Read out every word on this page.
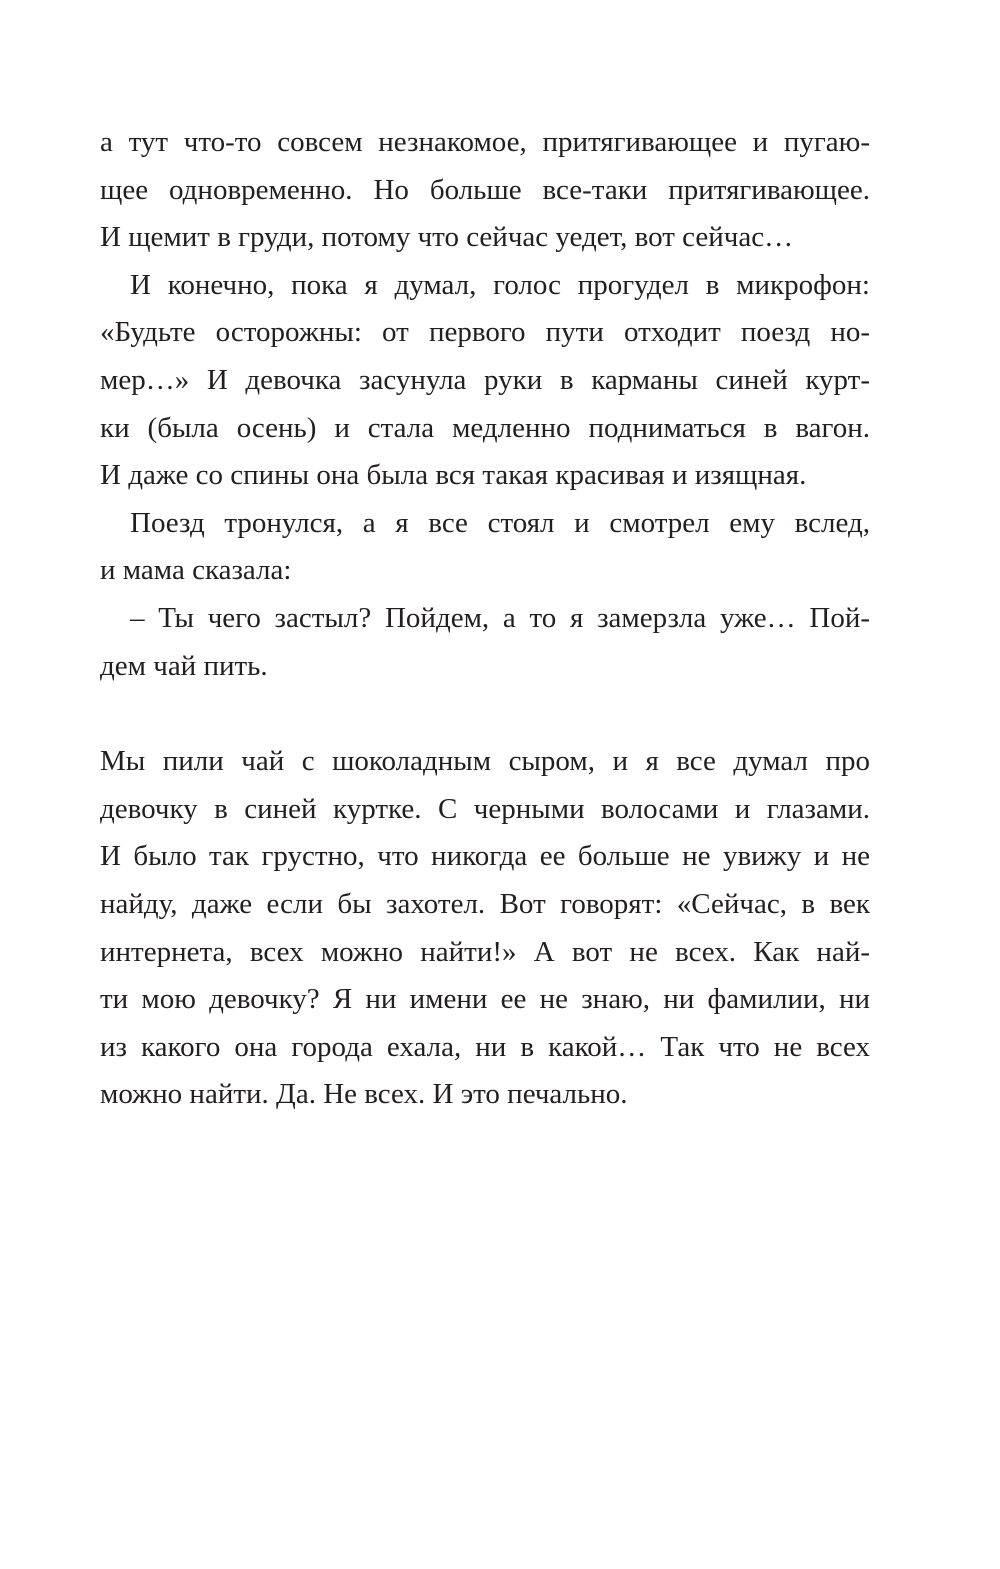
а тут что-то совсем незнакомое, притягивающее и пугаю-
щее одновременно. Но больше все-таки притягивающее.
И щемит в груди, потому что сейчас уедет, вот сейчас…
И конечно, пока я думал, голос прогудел в микрофон:
«Будьте осторожны: от первого пути отходит поезд но-
мер…» И девочка засунула руки в карманы синей курт-
ки (была осень) и стала медленно подниматься в вагон.
И даже со спины она была вся такая красивая и изящная.
Поезд тронулся, а я все стоял и смотрел ему вслед,
и мама сказала:
– Ты чего застыл? Пойдем, а то я замерзла уже… Пой-
дем чай пить.
Мы пили чай с шоколадным сыром, и я все думал про
девочку в синей куртке. С черными волосами и глазами.
И было так грустно, что никогда ее больше не увижу и не
найду, даже если бы захотел. Вот говорят: «Сейчас, в век
интернета, всех можно найти!» А вот не всех. Как най-
ти мою девочку? Я ни имени ее не знаю, ни фамилии, ни
из какого она города ехала, ни в какой… Так что не всех
можно найти. Да. Не всех. И это печально.
